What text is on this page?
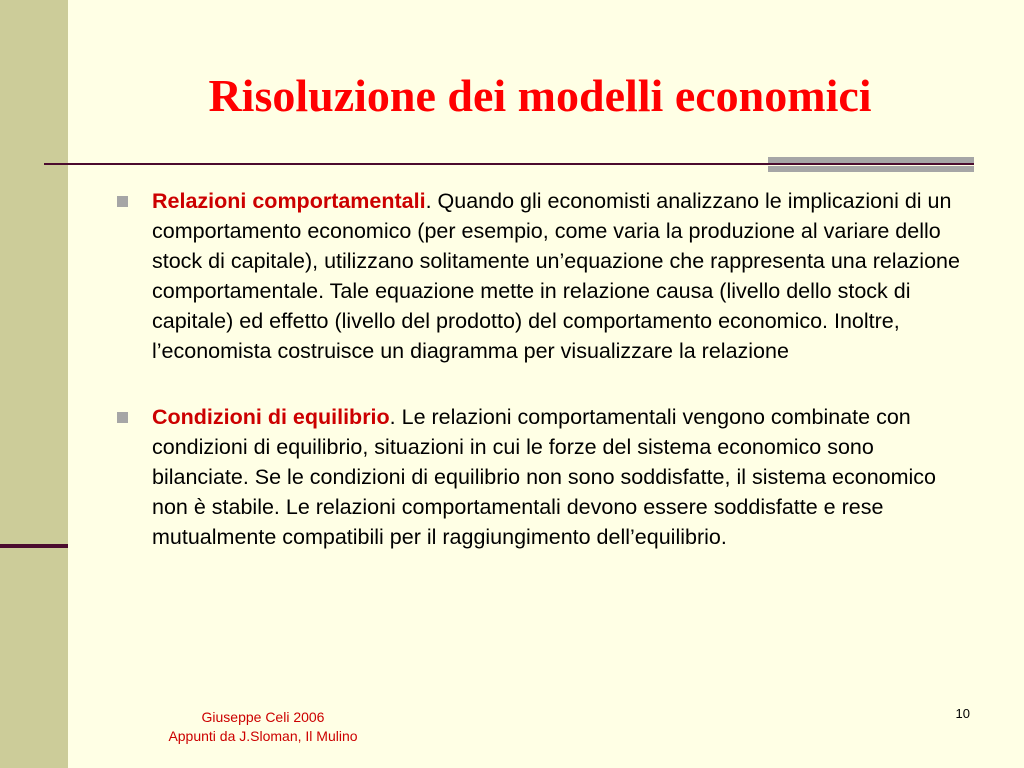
Risoluzione dei modelli economici
Relazioni comportamentali. Quando gli economisti analizzano le implicazioni di un comportamento economico (per esempio, come varia la produzione al variare dello stock di capitale), utilizzano solitamente un’equazione che rappresenta una relazione comportamentale. Tale equazione mette in relazione causa (livello dello stock di capitale) ed effetto (livello del prodotto) del comportamento economico. Inoltre, l’economista costruisce un diagramma per visualizzare la relazione
Condizioni di equilibrio. Le relazioni comportamentali vengono combinate con condizioni di equilibrio, situazioni in cui le forze del sistema economico sono bilanciate. Se le condizioni di equilibrio non sono soddisfatte, il sistema economico non è stabile. Le relazioni comportamentali devono essere soddisfatte e rese mutualmente compatibili per il raggiungimento dell’equilibrio.
Giuseppe Celi 2006
Appunti da J.Sloman, Il Mulino
10
